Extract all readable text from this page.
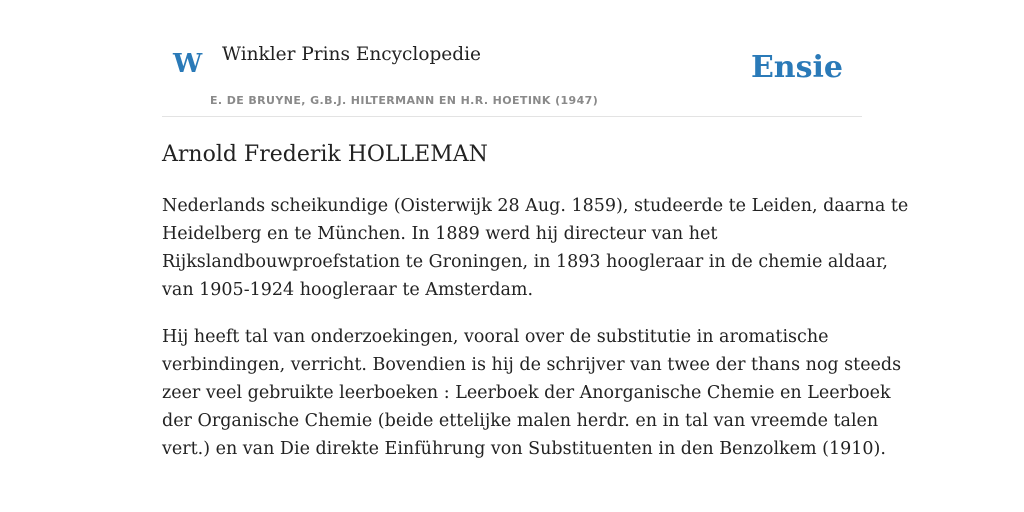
W Winkler Prins Encyclopedie
E. DE BRUYNE, G.B.J. HILTERMANN EN H.R. HOETINK (1947)
Ensie
Arnold Frederik HOLLEMAN

Nederlands scheikundige (Oisterwijk 28 Aug. 1859), studeerde te Leiden, daarna te
Heidelberg en te München. In 1889 werd hij directeur van het
Rijkslandbouwproefstation te Groningen, in 1893 hoogleraar in de chemie aldaar,
van 1905-1924 hoogleraar te Amsterdam.

Hij heeft tal van onderzoekingen, vooral over de substitutie in aromatische
verbindingen, verricht. Bovendien is hij de schrijver van twee der thans nog steeds
zeer veel gebruikte leerboeken : Leerboek der Anorganische Chemie en Leerboek
der Organische Chemie (beide ettelijke malen herdr. en in tal van vreemde talen
vert.) en van Die direkte Einführung von Substituenten in den Benzolkem (1910).
